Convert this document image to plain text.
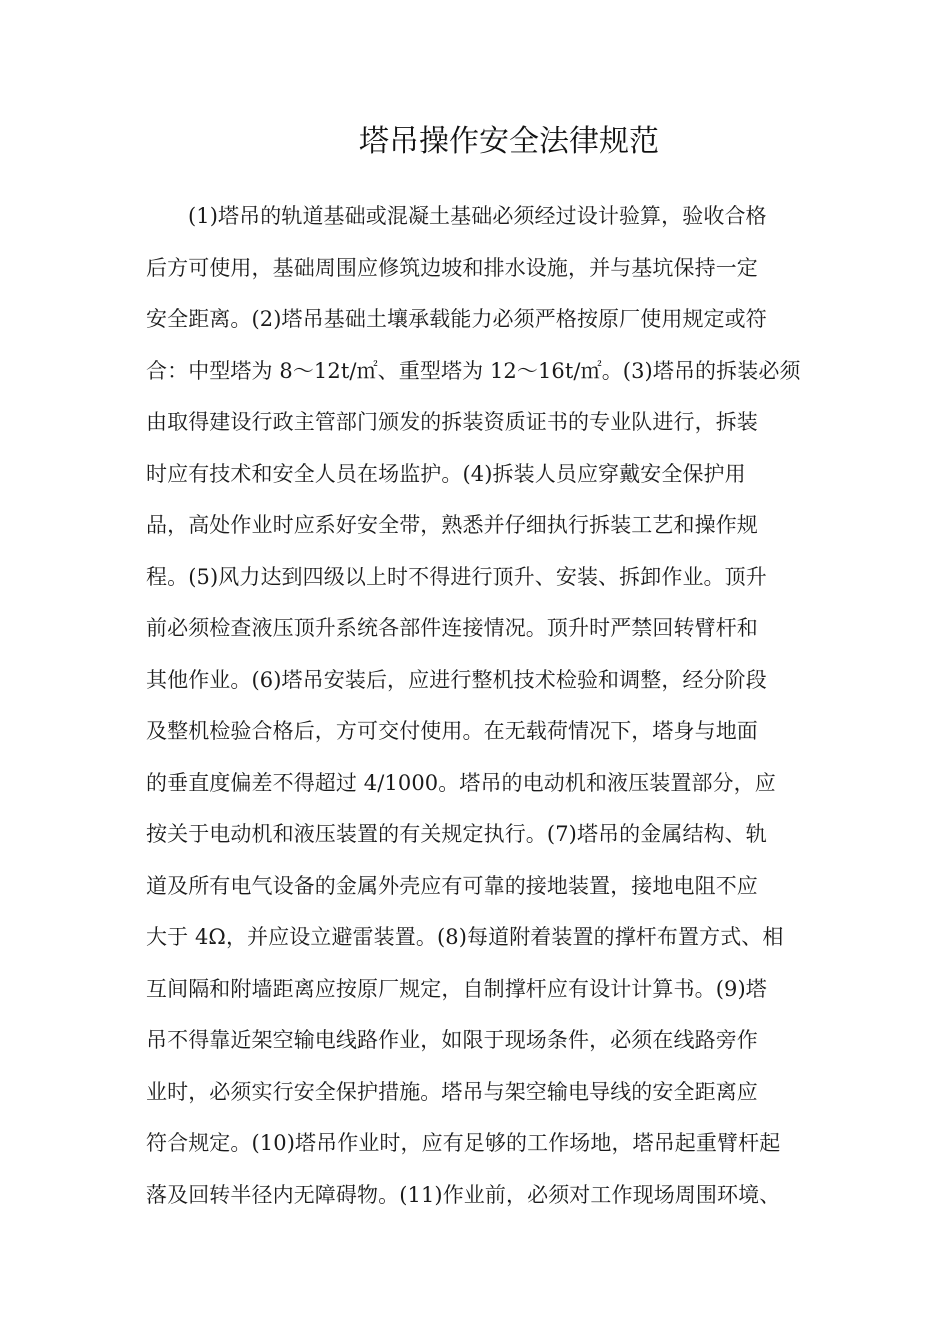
塔吊操作安全法律规范
(1)塔吊的轨道基础或混凝土基础必须经过设计验算，验收合格
后方可使用，基础周围应修筑边坡和排水设施，并与基坑保持一定
安全距离。(2)塔吊基础土壤承载能力必须严格按原厂使用规定或符
合：中型塔为 8～12t/㎡、重型塔为 12～16t/㎡。(3)塔吊的拆装必须
由取得建设行政主管部门颁发的拆装资质证书的专业队进行，拆装
时应有技术和安全人员在场监护。(4)拆装人员应穿戴安全保护用
品，高处作业时应系好安全带，熟悉并仔细执行拆装工艺和操作规
程。(5)风力达到四级以上时不得进行顶升、安装、拆卸作业。顶升
前必须检查液压顶升系统各部件连接情况。顶升时严禁回转臂杆和
其他作业。(6)塔吊安装后，应进行整机技术检验和调整，经分阶段
及整机检验合格后，方可交付使用。在无载荷情况下，塔身与地面
的垂直度偏差不得超过 4/1000。塔吊的电动机和液压装置部分，应
按关于电动机和液压装置的有关规定执行。(7)塔吊的金属结构、轨
道及所有电气设备的金属外壳应有可靠的接地装置，接地电阻不应
大于 4Ω，并应设立避雷装置。(8)每道附着装置的撑杆布置方式、相
互间隔和附墙距离应按原厂规定，自制撑杆应有设计计算书。(9)塔
吊不得靠近架空输电线路作业，如限于现场条件，必须在线路旁作
业时，必须实行安全保护措施。塔吊与架空输电导线的安全距离应
符合规定。(10)塔吊作业时，应有足够的工作场地，塔吊起重臂杆起
落及回转半径内无障碍物。(11)作业前，必须对工作现场周围环境、
